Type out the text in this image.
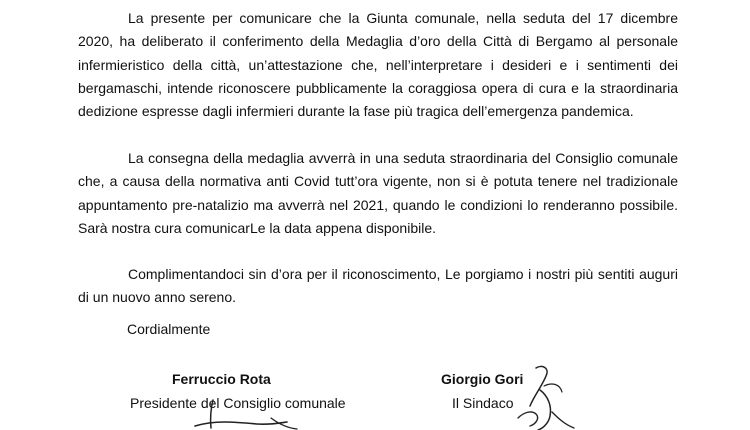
La presente per comunicare che la Giunta comunale, nella seduta del 17 dicembre 2020, ha deliberato il conferimento della Medaglia d’oro della Città di Bergamo al personale infermieristico della città, un’attestazione che, nell’interpretare i desideri e i sentimenti dei bergamaschi, intende riconoscere pubblicamente la coraggiosa opera di cura e la straordinaria dedizione espresse dagli infermieri durante la fase più tragica dell’emergenza pandemica.

La consegna della medaglia avverrà in una seduta straordinaria del Consiglio comunale che, a causa della normativa anti Covid tutt’ora vigente, non si è potuta tenere nel tradizionale appuntamento pre-natalizio ma avverrà nel 2021, quando le condizioni lo renderanno possibile. Sarà nostra cura comunicarLe la data appena disponibile.

Complimentandoci sin d’ora per il riconoscimento, Le porgiamo i nostri più sentiti auguri di un nuovo anno sereno.

Cordialmente
Ferruccio Rota
Presidente del Consiglio comunale
Giorgio Gori
Il Sindaco
